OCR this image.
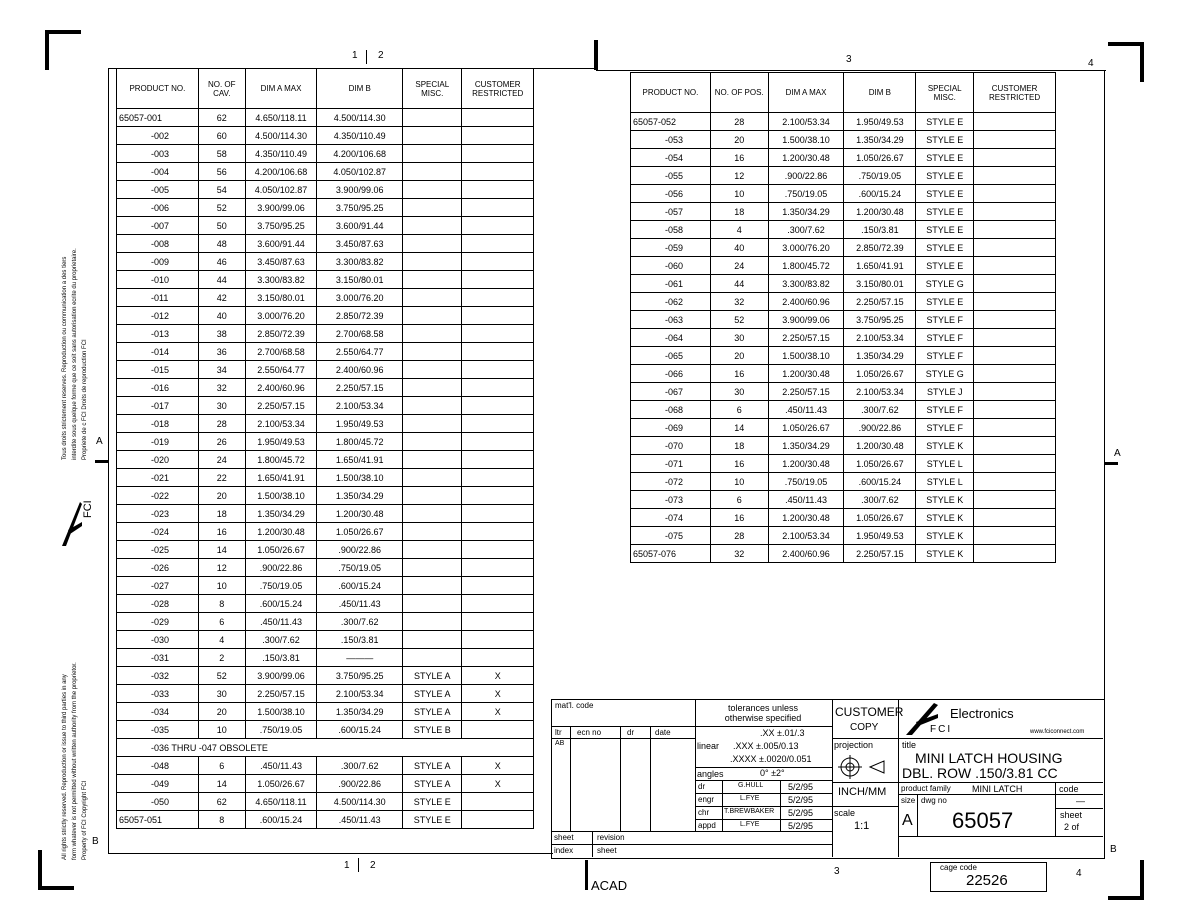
1 2	3	4
1 2
3	4
A
B
A
B
Tous droits strictement reserves. Reproduction ou communication a des tiers interdite sous quelque forme que ce soit sans autorisation ecrite du proprietaire. Propriete de c FCI Droits de reproduction FCI
All rights strictly reserved. Reproduction or issue to third parties in any form whatever is not permitted without written authority from the proprietor. Property of FCI Copyright FCI
FCI
PRODUCT NO.	NO. OF CAV.	DIM A MAX	DIM B	SPECIAL MISC.	CUSTOMER RESTRICTED
65057-001	62	4.650/118.11	4.500/114.30		
-002	60	4.500/114.30	4.350/110.49		
-003	58	4.350/110.49	4.200/106.68		
-004	56	4.200/106.68	4.050/102.87		
-005	54	4.050/102.87	3.900/99.06		
-006	52	3.900/99.06	3.750/95.25		
-007	50	3.750/95.25	3.600/91.44		
-008	48	3.600/91.44	3.450/87.63		
-009	46	3.450/87.63	3.300/83.82		
-010	44	3.300/83.82	3.150/80.01		
-011	42	3.150/80.01	3.000/76.20		
-012	40	3.000/76.20	2.850/72.39		
-013	38	2.850/72.39	2.700/68.58		
-014	36	2.700/68.58	2.550/64.77		
-015	34	2.550/64.77	2.400/60.96		
-016	32	2.400/60.96	2.250/57.15		
-017	30	2.250/57.15	2.100/53.34		
-018	28	2.100/53.34	1.950/49.53		
-019	26	1.950/49.53	1.800/45.72		
-020	24	1.800/45.72	1.650/41.91		
-021	22	1.650/41.91	1.500/38.10		
-022	20	1.500/38.10	1.350/34.29		
-023	18	1.350/34.29	1.200/30.48		
-024	16	1.200/30.48	1.050/26.67		
-025	14	1.050/26.67	.900/22.86		
-026	12	.900/22.86	.750/19.05		
-027	10	.750/19.05	.600/15.24		
-028	8	.600/15.24	.450/11.43		
-029	6	.450/11.43	.300/7.62		
-030	4	.300/7.62	.150/3.81		
-031	2	.150/3.81	———		
-032	52	3.900/99.06	3.750/95.25	STYLE A	X
-033	30	2.250/57.15	2.100/53.34	STYLE A	X
-034	20	1.500/38.10	1.350/34.29	STYLE A	X
-035	10	.750/19.05	.600/15.24	STYLE B	
-036 THRU -047 OBSOLETE					
-048	6	.450/11.43	.300/7.62	STYLE A	X
-049	14	1.050/26.67	.900/22.86	STYLE A	X
-050	62	4.650/118.11	4.500/114.30	STYLE E	
65057-051	8	.600/15.24	.450/11.43	STYLE E	
PRODUCT NO.	NO. OF POS.	DIM A MAX	DIM B	SPECIAL MISC.	CUSTOMER RESTRICTED
65057-052	28	2.100/53.34	1.950/49.53	STYLE E	
-053	20	1.500/38.10	1.350/34.29	STYLE E	
-054	16	1.200/30.48	1.050/26.67	STYLE E	
-055	12	.900/22.86	.750/19.05	STYLE E	
-056	10	.750/19.05	.600/15.24	STYLE E	
-057	18	1.350/34.29	1.200/30.48	STYLE E	
-058	4	.300/7.62	.150/3.81	STYLE E	
-059	40	3.000/76.20	2.850/72.39	STYLE E	
-060	24	1.800/45.72	1.650/41.91	STYLE E	
-061	44	3.300/83.82	3.150/80.01	STYLE G	
-062	32	2.400/60.96	2.250/57.15	STYLE E	
-063	52	3.900/99.06	3.750/95.25	STYLE F	
-064	30	2.250/57.15	2.100/53.34	STYLE F	
-065	20	1.500/38.10	1.350/34.29	STYLE F	
-066	16	1.200/30.48	1.050/26.67	STYLE G	
-067	30	2.250/57.15	2.100/53.34	STYLE J	
-068	6	.450/11.43	.300/7.62	STYLE F	
-069	14	1.050/26.67	.900/22.86	STYLE F	
-070	18	1.350/34.29	1.200/30.48	STYLE K	
-071	16	1.200/30.48	1.050/26.67	STYLE L	
-072	10	.750/19.05	.600/15.24	STYLE L	
-073	6	.450/11.43	.300/7.62	STYLE K	
-074	16	1.200/30.48	1.050/26.67	STYLE K	
-075	28	2.100/53.34	1.950/49.53	STYLE K	
65057-076	32	2.400/60.96	2.250/57.15	STYLE K	
mat'l. code	tolerances unless otherwise specified
ltr ecn no	dr	date
AB	linear
.XX ±.01/.3
.XXX ±.005/0.13
.XXXX ±.0020/0.051
angles	0° ±2°
dr	G.HULL	5/2/95
engr	L.FYE	5/2/95
chr T.BREWBAKER 5/2/95
appd	L.FYE	5/2/95
sheet	revision
index	sheet
CUSTOMER
COPY
projection
INCH/MM
scale
1:1
Electronics
FCI	www.fciconnect.com
title
MINI LATCH HOUSING
DBL. ROW .150/3.81 CC
product family MINI LATCH	code
—
size
A
dwg no
65057	sheet
2 of
cage code
22526
ACAD
